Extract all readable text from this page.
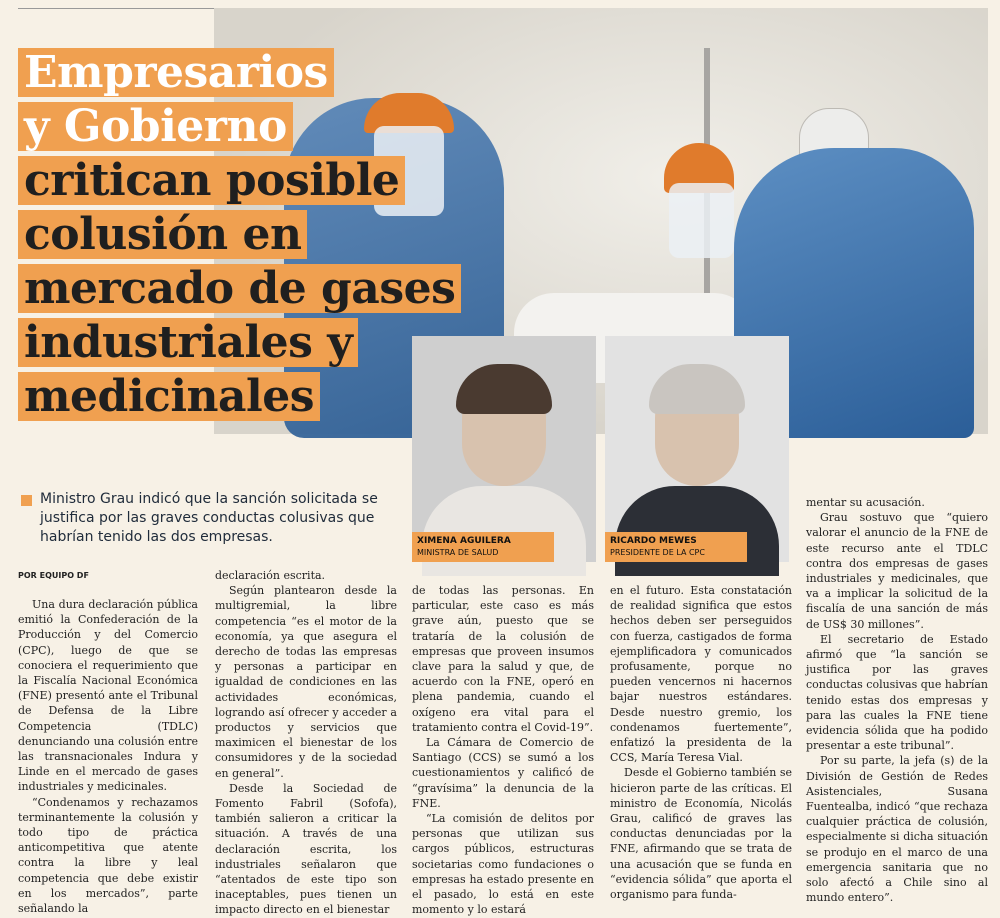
Empresarios
y Gobierno
critican posible
colusión en
mercado de gases
industriales y
medicinales
XIMENA AGUILERA
MINISTRA DE SALUD
RICARDO MEWES
PRESIDENTE DE LA CPC
Ministro Grau indicó que la sanción solicitada se justifica por las graves conductas colusivas que habrían tenido las dos empresas.
POR EQUIPO DF

Una dura declaración pública emitió la Confederación de la Producción y del Comercio (CPC), luego de que se conociera el requerimiento que la Fiscalía Nacional Económica (FNE) presentó ante el Tribunal de Defensa de la Libre Competencia (TDLC) denunciando una colusión entre las transnacionales Indura y Linde en el mercado de gases industriales y medicinales.

“Condenamos y rechazamos terminantemente la colusión y todo tipo de práctica anticompetitiva que atente contra la libre y leal competencia que debe existir en los mercados”, parte señalando la

declaración escrita.

Según plantearon desde la multigremial, la libre competencia “es el motor de la economía, ya que asegura el derecho de todas las empresas y personas a participar en igualdad de condiciones en las actividades económicas, logrando así ofrecer y acceder a productos y servicios que maximicen el bienestar de los consumidores y de la sociedad en general”.

Desde la Sociedad de Fomento Fabril (Sofofa), también salieron a criticar la situación. A través de una declaración escrita, los industriales señalaron que “atentados de este tipo son inaceptables, pues tienen un impacto directo en el bienestar

de todas las personas. En particular, este caso es más grave aún, puesto que se trataría de la colusión de empresas que proveen insumos clave para la salud y que, de acuerdo con la FNE, operó en plena pandemia, cuando el oxígeno era vital para el tratamiento contra el Covid-19”.

La Cámara de Comercio de Santiago (CCS) se sumó a los cuestionamientos y calificó de “gravísima” la denuncia de la FNE.

“La comisión de delitos por personas que utilizan sus cargos públicos, estructuras societarias como fundaciones o empresas ha estado presente en el pasado, lo está en este momento y lo estará

en el futuro. Esta constatación de realidad significa que estos hechos deben ser perseguidos con fuerza, castigados de forma ejemplificadora y comunicados profusamente, porque no pueden vencernos ni hacernos bajar nuestros estándares. Desde nuestro gremio, los condenamos fuertemente”, enfatizó la presidenta de la CCS, María Teresa Vial.

Desde el Gobierno también se hicieron parte de las críticas. El ministro de Economía, Nicolás Grau, calificó de graves las conductas denunciadas por la FNE, afirmando que se trata de una acusación que se funda en “evidencia sólida” que aporta el organismo para funda-

mentar su acusación.

Grau sostuvo que “quiero valorar el anuncio de la FNE de este recurso ante el TDLC contra dos empresas de gases industriales y medicinales, que va a implicar la solicitud de la fiscalía de una sanción de más de US$ 30 millones”.

El secretario de Estado afirmó que “la sanción se justifica por las graves conductas colusivas que habrían tenido estas dos empresas y para las cuales la FNE tiene evidencia sólida que ha podido presentar a este tribunal”.

Por su parte, la jefa (s) de la División de Gestión de Redes Asistenciales, Susana Fuentealba, indicó “que rechaza cualquier práctica de colusión, especialmente si dicha situación se produjo en el marco de una emergencia sanitaria que no solo afectó a Chile sino al mundo entero”.
